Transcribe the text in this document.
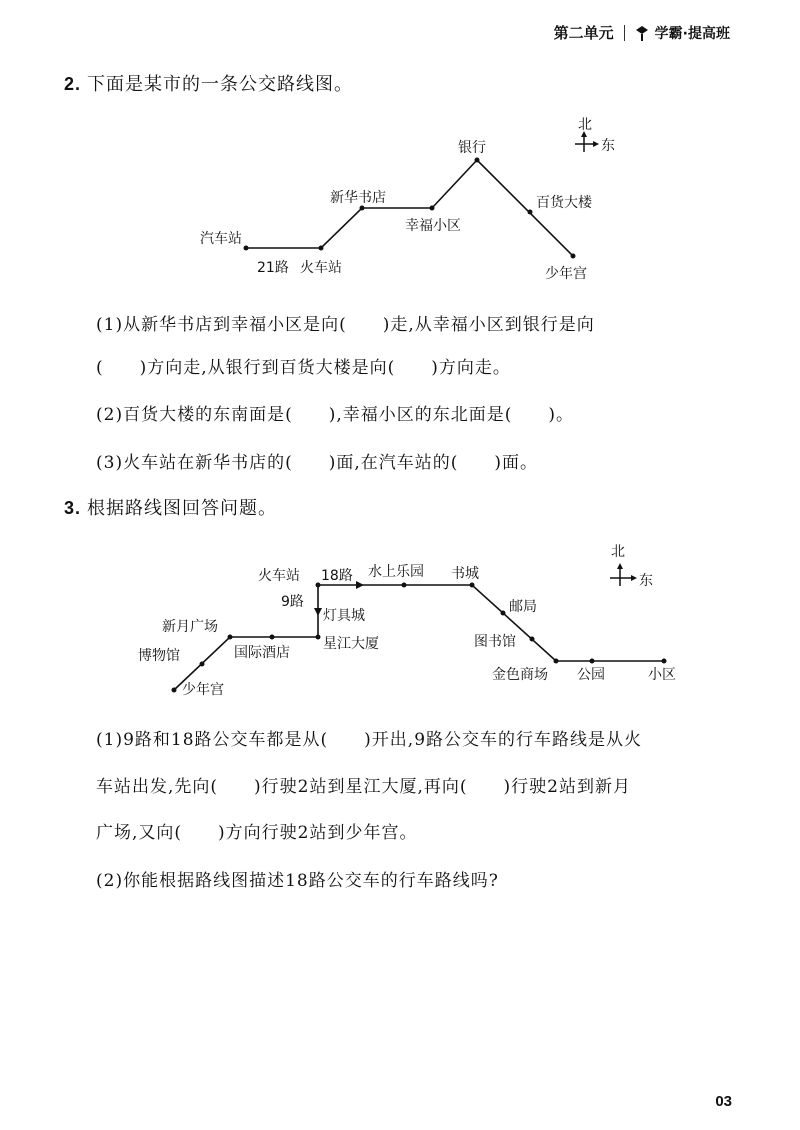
第二单元	学霸·提高班
2. 下面是某市的一条公交路线图。
汽车站
21路 火车站
新华书店
幸福小区
银行
百货大楼
少年宫
北
东
火车站 18路 水上乐园 书城
邮局
图书馆
金色商场 公园	小区
9路
灯具城
星江大厦
国际酒店
新月广场
博物馆
少年宫
北
东
(1)从新华书店到幸福小区是向(　　)走,从幸福小区到银行是向
(　　)方向走,从银行到百货大楼是向(　　)方向走。
(2)百货大楼的东南面是(　　),幸福小区的东北面是(　　)。
(3)火车站在新华书店的(　　)面,在汽车站的(　　)面。
3. 根据路线图回答问题。
(1)9路和18路公交车都是从(　　)开出,9路公交车的行车路线是从火
车站出发,先向(　　)行驶2站到星江大厦,再向(　　)行驶2站到新月
广场,又向(　　)方向行驶2站到少年宫。
(2)你能根据路线图描述18路公交车的行车路线吗?
03
